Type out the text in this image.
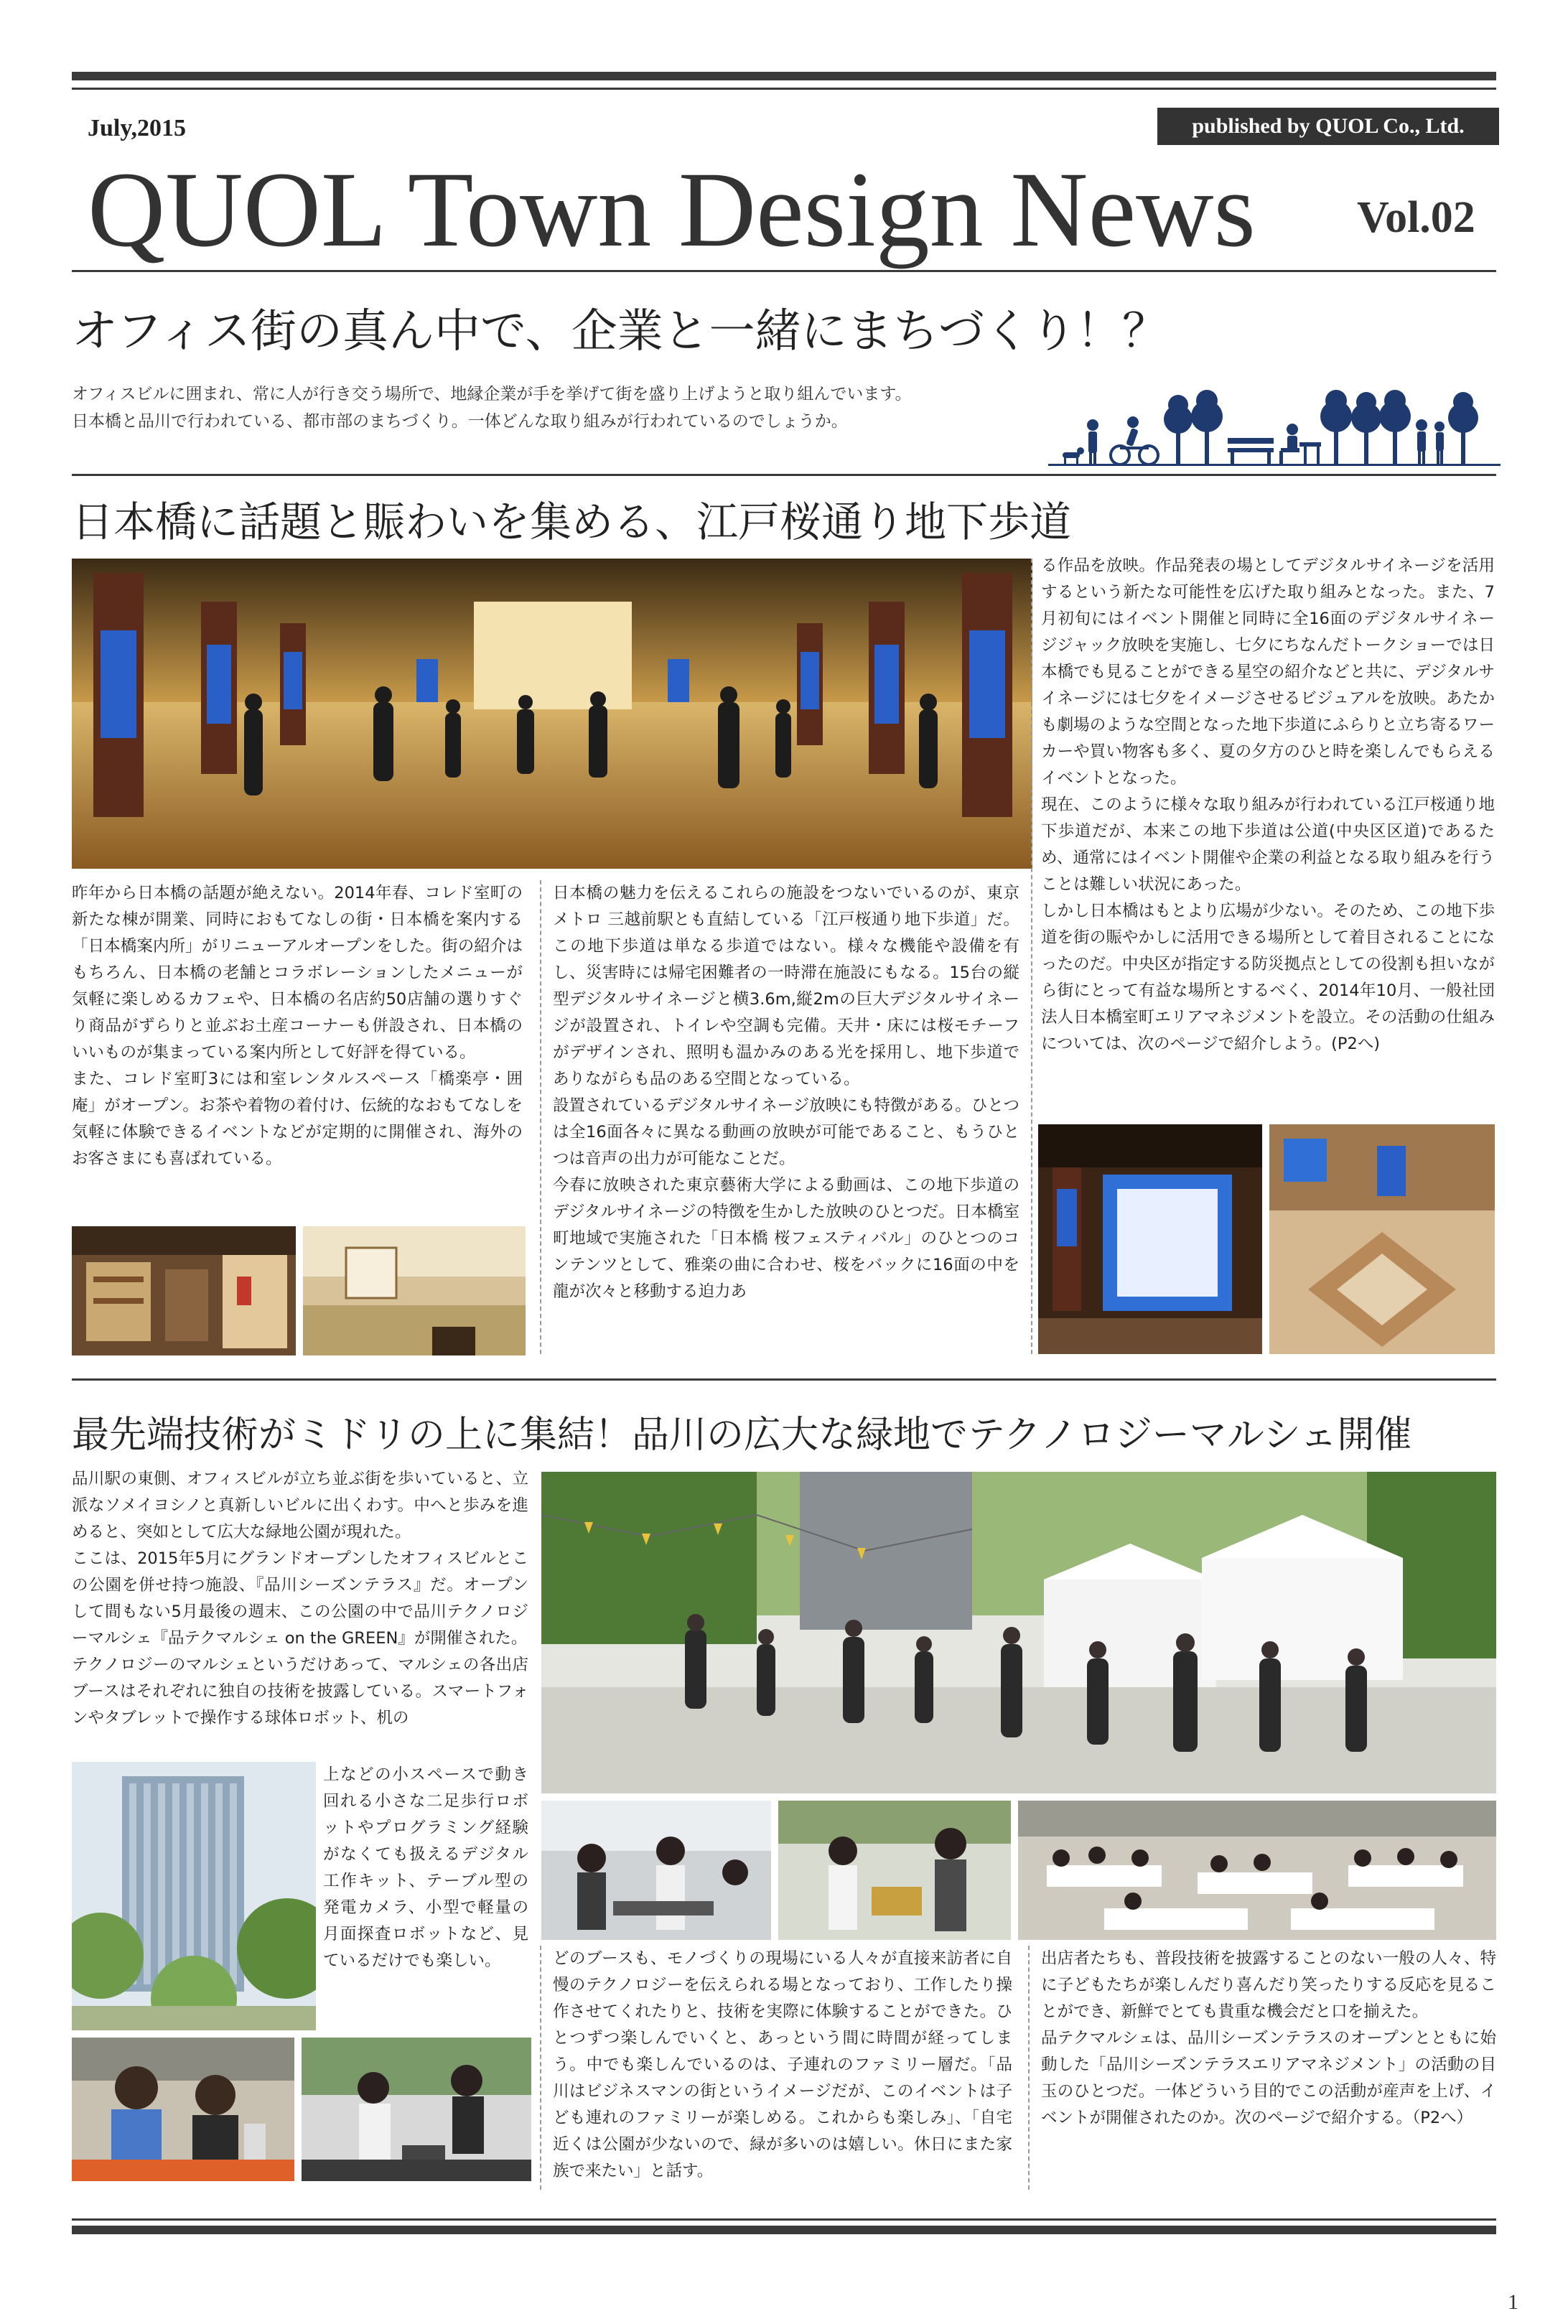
July,2015	published by QUOL Co., Ltd.
QUOL Town Design News Vol.02
オフィス街の真ん中で、企業と一緒にまちづくり！？
オフィスビルに囲まれ、常に人が行き交う場所で、地縁企業が手を挙げて街を盛り上げようと取り組んでいます。
日本橋と品川で行われている、都市部のまちづくり。一体どんな取り組みが行われているのでしょうか。
日本橋に話題と賑わいを集める、江戸桜通り地下歩道

昨年から日本橋の話題が絶えない。2014年春、コレド室町の新たな棟が開業、同時におもてなしの街・日本橋を案内する「日本橋案内所」がリニューアルオープンをした。街の紹介はもちろん、日本橋の老舗とコラボレーションしたメニューが気軽に楽しめるカフェや、日本橋の名店約50店舗の選りすぐり商品がずらりと並ぶお土産コーナーも併設され、日本橋のいいものが集まっている案内所として好評を得ている。

また、コレド室町3には和室レンタルスペース「橋楽亭・囲庵」がオープン。お茶や着物の着付け、伝統的なおもてなしを気軽に体験できるイベントなどが定期的に開催され、海外のお客さまにも喜ばれている。

日本橋の魅力を伝えるこれらの施設をつないでいるのが、東京メトロ 三越前駅とも直結している「江戸桜通り地下歩道」だ。この地下歩道は単なる歩道ではない。様々な機能や設備を有し、災害時には帰宅困難者の一時滞在施設にもなる。15台の縦型デジタルサイネージと横3.6m,縦2mの巨大デジタルサイネージが設置され、トイレや空調も完備。天井・床には桜モチーフがデザインされ、照明も温かみのある光を採用し、地下歩道でありながらも品のある空間となっている。

設置されているデジタルサイネージ放映にも特徴がある。ひとつは全16面各々に異なる動画の放映が可能であること、もうひとつは音声の出力が可能なことだ。

今春に放映された東京藝術大学による動画は、この地下歩道のデジタルサイネージの特徴を生かした放映のひとつだ。日本橋室町地域で実施された「日本橋 桜フェスティバル」のひとつのコンテンツとして、雅楽の曲に合わせ、桜をバックに16面の中を龍が次々と移動する迫力あ

る作品を放映。作品発表の場としてデジタルサイネージを活用するという新たな可能性を広げた取り組みとなった。また、7月初旬にはイベント開催と同時に全16面のデジタルサイネージジャック放映を実施し、七夕にちなんだトークショーでは日本橋でも見ることができる星空の紹介などと共に、デジタルサイネージには七夕をイメージさせるビジュアルを放映。あたかも劇場のような空間となった地下歩道にふらりと立ち寄るワーカーや買い物客も多く、夏の夕方のひと時を楽しんでもらえるイベントとなった。

現在、このように様々な取り組みが行われている江戸桜通り地下歩道だが、本来この地下歩道は公道(中央区区道)であるため、通常にはイベント開催や企業の利益となる取り組みを行うことは難しい状況にあった。

しかし日本橋はもとより広場が少ない。そのため、この地下歩道を街の賑やかしに活用できる場所として着目されることになったのだ。中央区が指定する防災拠点としての役割も担いながら街にとって有益な場所とするべく、2014年10月、一般社団法人日本橋室町エリアマネジメントを設立。その活動の仕組みについては、次のページで紹介しよう。(P2へ)

最先端技術がミドリの上に集結！品川の広大な緑地でテクノロジーマルシェ開催

品川駅の東側、オフィスビルが立ち並ぶ街を歩いていると、立派なソメイヨシノと真新しいビルに出くわす。中へと歩みを進めると、突如として広大な緑地公園が現れた。

ここは、2015年5月にグランドオープンしたオフィスビルとこの公園を併せ持つ施設、『品川シーズンテラス』だ。オープンして間もない5月最後の週末、この公園の中で品川テクノロジーマルシェ『品テクマルシェ on the GREEN』が開催された。

テクノロジーのマルシェというだけあって、マルシェの各出店ブースはそれぞれに独自の技術を披露している。スマートフォンやタブレットで操作する球体ロボット、机の

上などの小スペースで動き回れる小さな二足歩行ロボットやプログラミング経験がなくても扱えるデジタル工作キット、テーブル型の発電カメラ、小型で軽量の月面探査ロボットなど、見ているだけでも楽しい。	どのブースも、モノづくりの現場にいる人々が直接来訪者に自慢のテクノロジーを伝えられる場となっており、工作したり操作させてくれたりと、技術を実際に体験することができた。ひとつずつ楽しんでいくと、あっという間に時間が経ってしまう。中でも楽しんでいるのは、子連れのファミリー層だ。「品川はビジネスマンの街というイメージだが、このイベントは子ども連れのファミリーが楽しめる。これからも楽しみ」、「自宅近くは公園が少ないので、緑が多いのは嬉しい。休日にまた家族で来たい」と話す。

出店者たちも、普段技術を披露することのない一般の人々、特に子どもたちが楽しんだり喜んだり笑ったりする反応を見ることができ、新鮮でとても貴重な機会だと口を揃えた。

品テクマルシェは、品川シーズンテラスのオープンとともに始動した「品川シーズンテラスエリアマネジメント」の活動の目玉のひとつだ。一体どういう目的でこの活動が産声を上げ、イベントが開催されたのか。次のページで紹介する。（P2へ）

1
